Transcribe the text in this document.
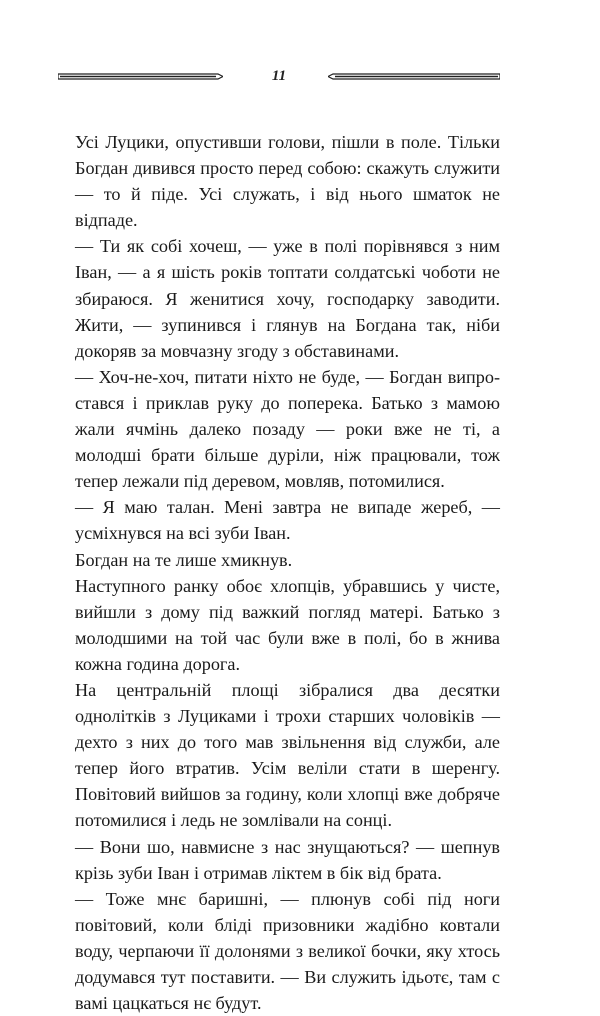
11

Усі Луцики, опустивши голови, пішли в поле. Тільки Богдан дивився просто перед собою: скажуть служити — то й піде. Усі служать, і від нього шматок не відпаде.

— Ти як собі хочеш, — уже в полі порівнявся з ним Іван, — а я шість років топтати солдатські чоботи не збираюся. Я женитися хочу, господарку заводити. Жити, — зупинився і глянув на Богдана так, ніби докоряв за мовчазну згоду з обставинами.

— Хоч-не-хоч, питати ніхто не буде, — Богдан випростався і приклав руку до поперека. Батько з мамою жали ячмінь далеко позаду — роки вже не ті, а молодші брати більше дуріли, ніж працювали, тож тепер лежали під деревом, мовляв, потомилися.

— Я маю талан. Мені завтра не випаде жереб, — усміхнувся на всі зуби Іван.

Богдан на те лише хмикнув.

Наступного ранку обоє хлопців, убравшись у чисте, вийшли з дому під важкий погляд матері. Батько з молодшими на той час були вже в полі, бо в жнива кожна година дорога.

На центральній площі зібралися два десятки однолітків з Луциками і трохи старших чоловіків — дехто з них до того мав звільнення від служби, але тепер його втратив. Усім веліли стати в шеренгу. Повітовий вийшов за годину, коли хлопці вже добряче потомилися і ледь не зомлівали на сонці.

— Вони шо, навмисне з нас знущаються? — шепнув крізь зуби Іван і отримав ліктем в бік від брата.

— Тоже мнє баришні, — плюнув собі під ноги повітовий, коли бліді призовники жадібно ковтали воду, черпаючи її долонями з великої бочки, яку хтось додумався тут поставити. — Ви служить ідьотє, там с вамі цацкаться нє будут.
